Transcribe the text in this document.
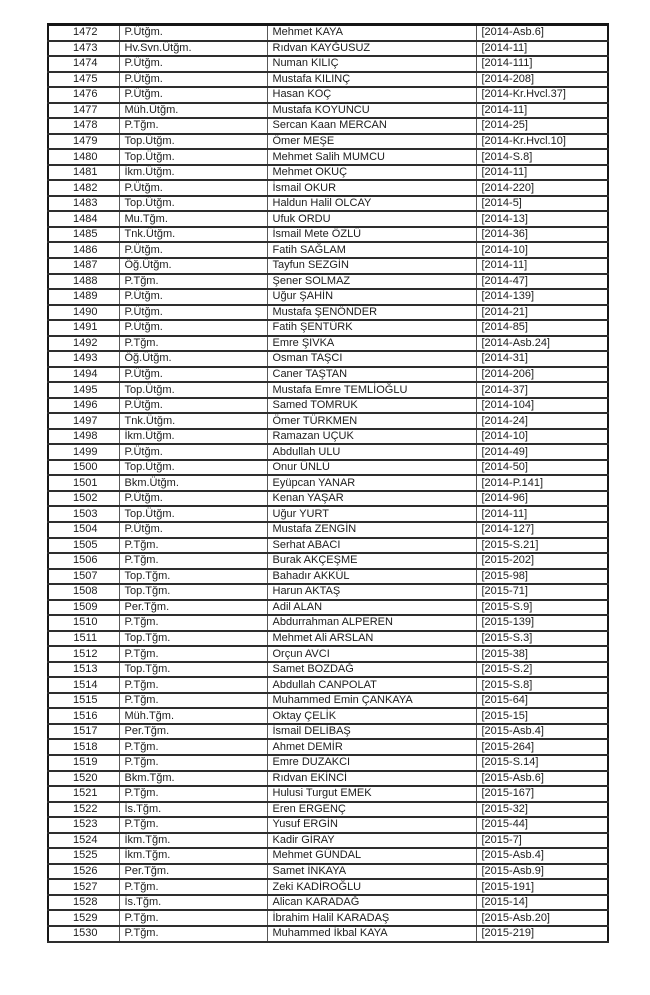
1472	P.Ütğm.	Mehmet KAYA	[2014-Asb.6]
1473	Hv.Svn.Ütğm.	Rıdvan KAYĞUSUZ	[2014-11]
1474	P.Ütğm.	Numan KILIÇ	[2014-111]
1475	P.Ütğm.	Mustafa KILINÇ	[2014-208]
1476	P.Ütğm.	Hasan KOÇ	[2014-Kr.Hvcl.37]
1477	Müh.Ütğm.	Mustafa KOYUNCU	[2014-11]
1478	P.Tğm.	Sercan Kaan MERCAN	[2014-25]
1479	Top.Ütğm.	Ömer MEŞE	[2014-Kr.Hvcl.10]
1480	Top.Ütğm.	Mehmet Salih MUMCU	[2014-S.8]
1481	İkm.Ütğm.	Mehmet OKUÇ	[2014-11]
1482	P.Ütğm.	İsmail OKUR	[2014-220]
1483	Top.Ütğm.	Haldun Halil OLCAY	[2014-5]
1484	Mu.Tğm.	Ufuk ORDU	[2014-13]
1485	Tnk.Ütğm.	İsmail Mete ÖZLÜ	[2014-36]
1486	P.Ütğm.	Fatih SAĞLAM	[2014-10]
1487	Öğ.Ütğm.	Tayfun SEZGİN	[2014-11]
1488	P.Tğm.	Şener SOLMAZ	[2014-47]
1489	P.Ütğm.	Uğur ŞAHİN	[2014-139]
1490	P.Ütğm.	Mustafa ŞENÖNDER	[2014-21]
1491	P.Ütğm.	Fatih ŞENTÜRK	[2014-85]
1492	P.Tğm.	Emre ŞIVKA	[2014-Asb.24]
1493	Öğ.Ütğm.	Osman TAŞCI	[2014-31]
1494	P.Ütğm.	Caner TAŞTAN	[2014-206]
1495	Top.Ütğm.	Mustafa Emre TEMLİOĞLU	[2014-37]
1496	P.Ütğm.	Samed TOMRUK	[2014-104]
1497	Tnk.Ütğm.	Ömer TÜRKMEN	[2014-24]
1498	İkm.Ütğm.	Ramazan UÇUK	[2014-10]
1499	P.Ütğm.	Abdullah ULU	[2014-49]
1500	Top.Ütğm.	Onur ÜNLÜ	[2014-50]
1501	Bkm.Ütğm.	Eyüpcan YANAR	[2014-P.141]
1502	P.Ütğm.	Kenan YAŞAR	[2014-96]
1503	Top.Ütğm.	Uğur YURT	[2014-11]
1504	P.Ütğm.	Mustafa ZENGİN	[2014-127]
1505	P.Tğm.	Serhat ABACI	[2015-S.21]
1506	P.Tğm.	Burak AKÇEŞME	[2015-202]
1507	Top.Tğm.	Bahadır AKKÜL	[2015-98]
1508	Top.Tğm.	Harun AKTAŞ	[2015-71]
1509	Per.Tğm.	Adil ALAN	[2015-S.9]
1510	P.Tğm.	Abdurrahman ALPEREN	[2015-139]
1511	Top.Tğm.	Mehmet Ali ARSLAN	[2015-S.3]
1512	P.Tğm.	Orçun AVCI	[2015-38]
1513	Top.Tğm.	Samet BOZDAĞ	[2015-S.2]
1514	P.Tğm.	Abdullah CANPOLAT	[2015-S.8]
1515	P.Tğm.	Muhammed Emin ÇANKAYA	[2015-64]
1516	Müh.Tğm.	Oktay ÇELİK	[2015-15]
1517	Per.Tğm.	İsmail DELİBAŞ	[2015-Asb.4]
1518	P.Tğm.	Ahmet DEMİR	[2015-264]
1519	P.Tğm.	Emre DUZAKCI	[2015-S.14]
1520	Bkm.Tğm.	Rıdvan EKİNCİ	[2015-Asb.6]
1521	P.Tğm.	Hulusi Turgut EMEK	[2015-167]
1522	İs.Tğm.	Eren ERGENÇ	[2015-32]
1523	P.Tğm.	Yusuf ERGİN	[2015-44]
1524	İkm.Tğm.	Kadir GİRAY	[2015-7]
1525	İkm.Tğm.	Mehmet GÜNDAL	[2015-Asb.4]
1526	Per.Tğm.	Samet İNKAYA	[2015-Asb.9]
1527	P.Tğm.	Zeki KADİROĞLU	[2015-191]
1528	İs.Tğm.	Alican KARADAĞ	[2015-14]
1529	P.Tğm.	İbrahim Halil KARADAŞ	[2015-Asb.20]
1530	P.Tğm.	Muhammed İkbal KAYA	[2015-219]
